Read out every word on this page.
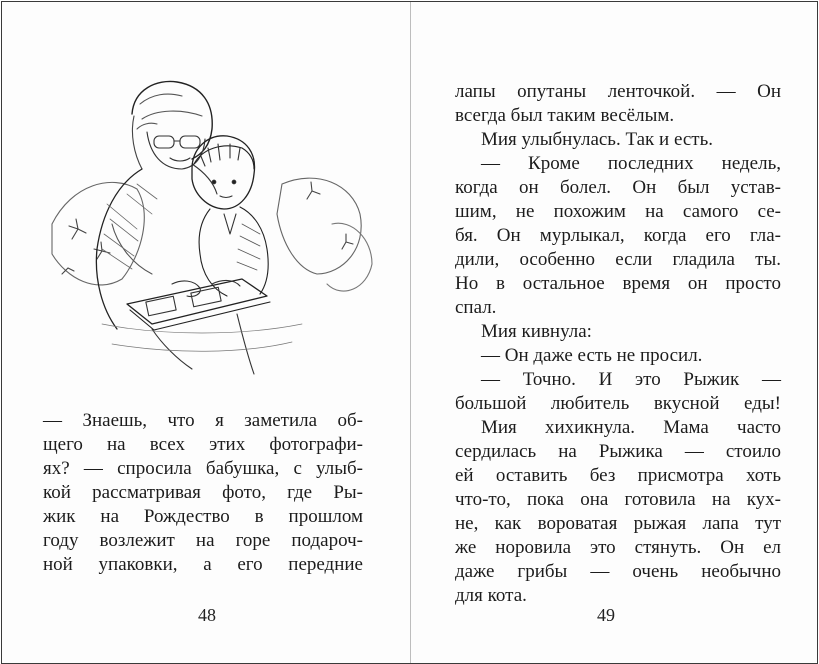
— Знаешь, что я заметила об-
щего на всех этих фотографи-
ях? — спросила бабушка, с улыб-
кой рассматривая фото, где Ры-
жик на Рождество в прошлом
году возлежит на горе подароч-
ной упаковки, а его передние
48
лапы опутаны ленточкой. — Он
всегда был таким весёлым.
Мия улыбнулась. Так и есть.
— Кроме последних недель,
когда он болел. Он был устав-
шим, не похожим на самого се-
бя. Он мурлыкал, когда его гла-
дили, особенно если гладила ты.
Но в остальное время он просто
спал.
Мия кивнула:
— Он даже есть не просил.
— Точно. И это Рыжик —
большой любитель вкусной еды!
Мия хихикнула. Мама часто
сердилась на Рыжика — стоило
ей оставить без присмотра хоть
что-то, пока она готовила на кух-
не, как вороватая рыжая лапа тут
же норовила это стянуть. Он ел
даже грибы — очень необычно
для кота.
49
